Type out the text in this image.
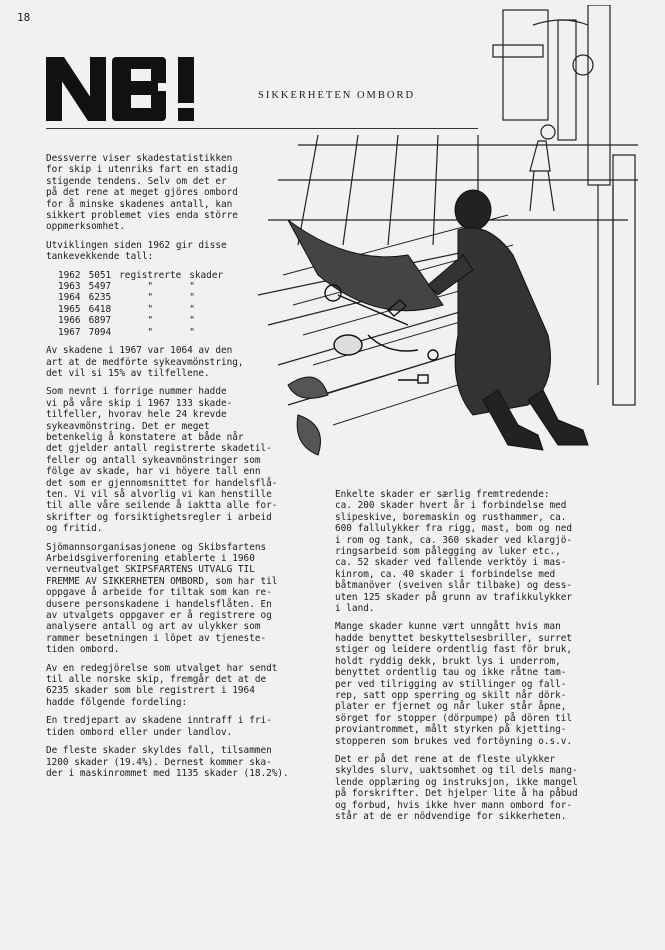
18
SIKKERHETEN OMBORD

Dessverre viser skadestatistikken
for skip i utenriks fart en stadig
stigende tendens. Selv om det er
på det rene at meget gjöres ombord
for å minske skadenes antall, kan
sikkert problemet vies enda större
oppmerksomhet.

Utviklingen siden 1962 gir disse
tankevekkende tall:

1962	5051	registrerte	skader
1963	5497	"	"
1964	6235	"	"
1965	6418	"	"
1966	6897	"	"
1967	7094	"	"

Av skadene i 1967 var 1064 av den
art at de medförte sykeavmönstring,
det vil si 15% av tilfellene.

Som nevnt i forrige nummer hadde
vi på våre skip i 1967 133 skade-
tilfeller, hvorav hele 24 krevde
sykeavmönstring. Det er meget
betenkelig å konstatere at både når
det gjelder antall registrerte skadetil-
feller og antall sykeavmönstringer som
fölge av skade, har vi höyere tall enn
det som er gjennomsnittet for handelsflå-
ten. Vi vil så alvorlig vi kan henstille
til alle våre seilende å iaktta alle for-
skrifter og forsiktighetsregler i arbeid
og fritid.

Sjömannsorganisasjonene og Skibsfartens
Arbeidsgiverforening etablerte i 1960
verneutvalget SKIPSFARTENS UTVALG TIL
FREMME AV SIKKERHETEN OMBORD, som har til
oppgave å arbeide for tiltak som kan re-
dusere personskadene i handelsflåten. En
av utvalgets oppgaver er å registrere og
analysere antall og art av ulykker som
rammer besetningen i löpet av tjeneste-
tiden ombord.

Av en redegjörelse som utvalget har sendt
til alle norske skip, fremgår det at de
6235 skader som ble registrert i 1964
hadde fölgende fordeling:

En tredjepart av skadene inntraff i fri-
tiden ombord eller under landlov.

De fleste skader skyldes fall, tilsammen
1200 skader (19.4%). Dernest kommer ska-
der i maskinrommet med 1135 skader (18.2%).

Enkelte skader er særlig fremtredende:
ca. 200 skader hvert år i forbindelse med
slipeskive, boremaskin og rusthammer, ca.
600 fallulykker fra rigg, mast, bom og ned
i rom og tank, ca. 360 skader ved klargjö-
ringsarbeid som pålegging av luker etc.,
ca. 52 skader ved fallende verktöy i mas-
kinrom, ca. 40 skader i forbindelse med
båtmanöver (sveiven slår tilbake) og dess-
uten 125 skader på grunn av trafikkulykker
i land.

Mange skader kunne vært unngått hvis man
hadde benyttet beskyttelsesbriller, surret
stiger og leidere ordentlig fast för bruk,
holdt ryddig dekk, brukt lys i underrom,
benyttet ordentlig tau og ikke råtne tam-
per ved tilrigging av stillinger og fall-
rep, satt opp sperring og skilt når dörk-
plater er fjernet og når luker står åpne,
sörget for stopper (dörpumpe) på dören til
proviantrommet, målt styrken på kjetting-
stopperen som brukes ved fortöyning o.s.v.

Det er på det rene at de fleste ulykker
skyldes slurv, uaktsomhet og til dels mang-
lende opplæring og instruksjon, ikke mangel
på forskrifter. Det hjelper lite å ha påbud
og forbud, hvis ikke hver mann ombord for-
står at de er nödvendige for sikkerheten.
